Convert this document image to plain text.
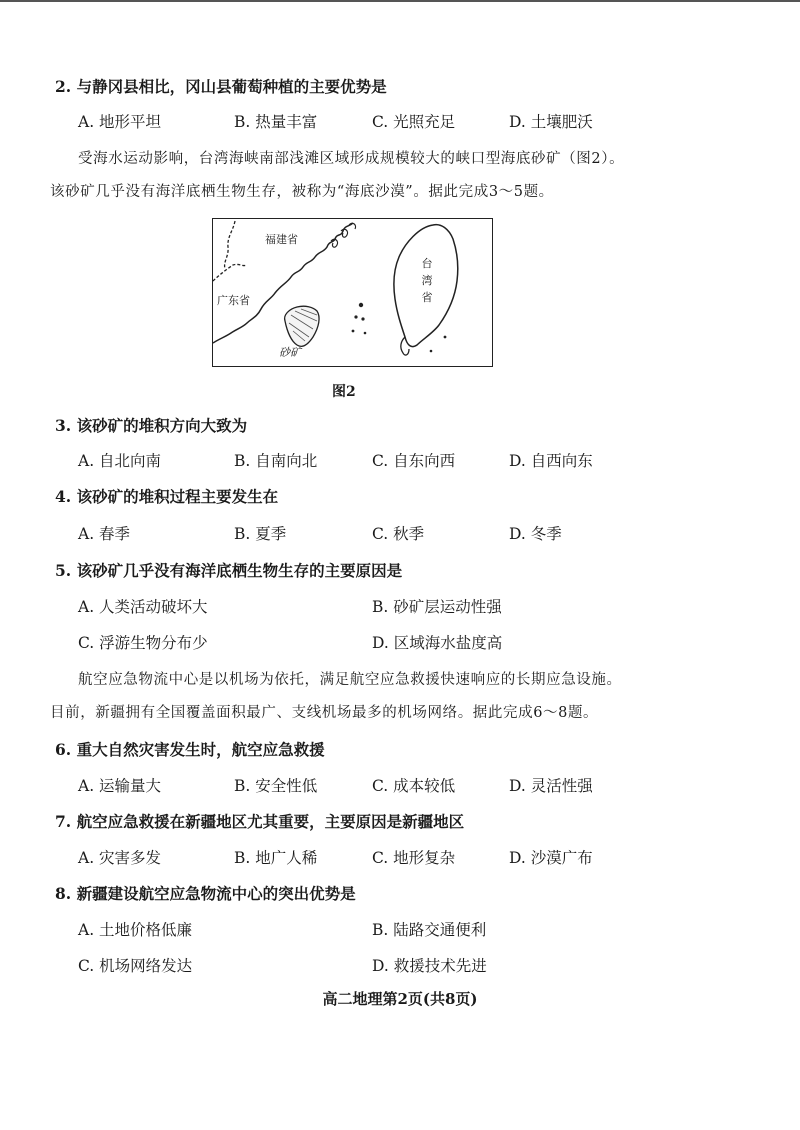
2. 与静冈县相比，冈山县葡萄种植的主要优势是
A. 地形平坦	B. 热量丰富	C. 光照充足	D. 土壤肥沃
受海水运动影响，台湾海峡南部浅滩区域形成规模较大的峡口型海底砂矿（图2）。
该砂矿几乎没有海洋底栖生物生存，被称为“海底沙漠”。据此完成3～5题。
福建省
广东省
台湾省
砂矿
图2
3. 该砂矿的堆积方向大致为
A. 自北向南	B. 自南向北	C. 自东向西	D. 自西向东
4. 该砂矿的堆积过程主要发生在
A. 春季	B. 夏季	C. 秋季	D. 冬季
5. 该砂矿几乎没有海洋底栖生物生存的主要原因是
A. 人类活动破坏大	B. 砂矿层运动性强
C. 浮游生物分布少	D. 区域海水盐度高
航空应急物流中心是以机场为依托，满足航空应急救援快速响应的长期应急设施。
目前，新疆拥有全国覆盖面积最广、支线机场最多的机场网络。据此完成6～8题。
6. 重大自然灾害发生时，航空应急救援
A. 运输量大	B. 安全性低	C. 成本较低	D. 灵活性强
7. 航空应急救援在新疆地区尤其重要，主要原因是新疆地区
A. 灾害多发	B. 地广人稀	C. 地形复杂	D. 沙漠广布
8. 新疆建设航空应急物流中心的突出优势是
A. 土地价格低廉	B. 陆路交通便利
C. 机场网络发达	D. 救援技术先进
高二地理第2页(共8页)
